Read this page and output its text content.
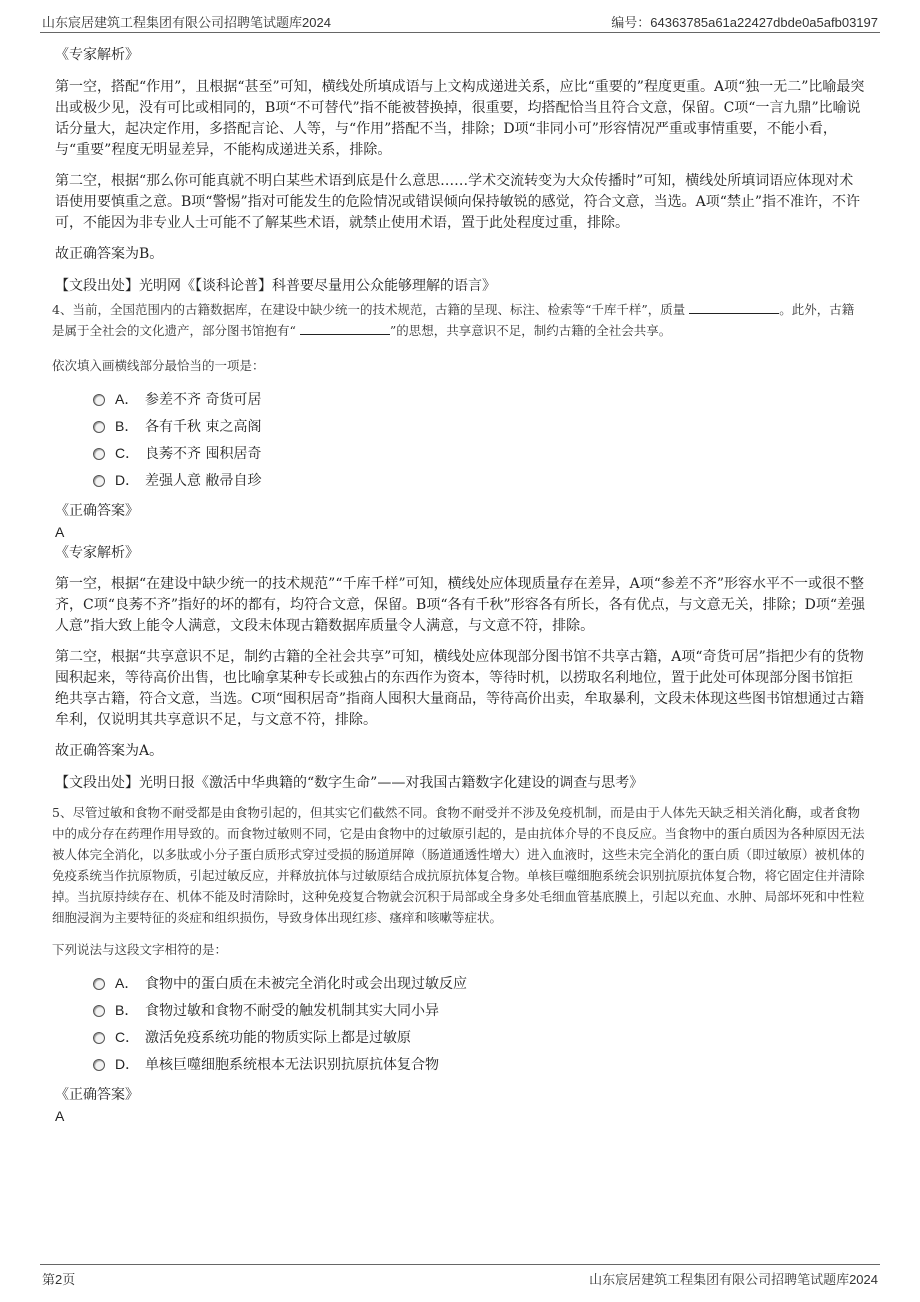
山东宸居建筑工程集团有限公司招聘笔试题库2024	编号：64363785a61a22427dbde0a5afb03197

《专家解析》

第一空，搭配“作用”，且根据“甚至”可知，横线处所填成语与上文构成递进关系，应比“重要的”程度更重。A项“独一无二”比喻最突出或极少见，没有可比或相同的，B项“不可替代”指不能被替换掉，很重要，均搭配恰当且符合文意，保留。C项“一言九鼎”比喻说话分量大，起决定作用，多搭配言论、人等，与“作用”搭配不当，排除；D项“非同小可”形容情况严重或事情重要，不能小看，与“重要”程度无明显差异，不能构成递进关系，排除。

第二空，根据“那么你可能真就不明白某些术语到底是什么意思……学术交流转变为大众传播时”可知，横线处所填词语应体现对术语使用要慎重之意。B项“警惕”指对可能发生的危险情况或错误倾向保持敏锐的感觉，符合文意，当选。A项“禁止”指不准许，不许可，不能因为非专业人士可能不了解某些术语，就禁止使用术语，置于此处程度过重，排除。

故正确答案为B。

【文段出处】光明网《【谈科论普】科普要尽量用公众能够理解的语言》

4、当前，全国范围内的古籍数据库，在建设中缺少统一的技术规范，古籍的呈现、标注、检索等“千库千样”，质量	。此外，古籍是属于全社会的文化遗产，部分图书馆抱有“	”的思想，共享意识不足，制约古籍的全社会共享。

依次填入画横线部分最恰当的一项是：

A． 参差不齐 奇货可居
B． 各有千秋 束之高阁
C． 良莠不齐 囤积居奇
D． 差强人意 敝帚自珍

《正确答案》

A

《专家解析》

第一空，根据“在建设中缺少统一的技术规范”“千库千样”可知，横线处应体现质量存在差异，A项“参差不齐”形容水平不一或很不整齐，C项“良莠不齐”指好的坏的都有，均符合文意，保留。B项“各有千秋”形容各有所长，各有优点，与文意无关，排除；D项“差强人意”指大致上能令人满意，文段未体现古籍数据库质量令人满意，与文意不符，排除。

第二空，根据“共享意识不足，制约古籍的全社会共享”可知，横线处应体现部分图书馆不共享古籍，A项“奇货可居”指把少有的货物囤积起来，等待高价出售，也比喻拿某种专长或独占的东西作为资本，等待时机，以捞取名利地位，置于此处可体现部分图书馆拒绝共享古籍，符合文意，当选。C项“囤积居奇”指商人囤积大量商品，等待高价出卖，牟取暴利，文段未体现这些图书馆想通过古籍牟利，仅说明其共享意识不足，与文意不符，排除。

故正确答案为A。

【文段出处】光明日报《激活中华典籍的“数字生命”——对我国古籍数字化建设的调查与思考》

5、尽管过敏和食物不耐受都是由食物引起的，但其实它们截然不同。食物不耐受并不涉及免疫机制，而是由于人体先天缺乏相关消化酶，或者食物中的成分存在药理作用导致的。而食物过敏则不同，它是由食物中的过敏原引起的，是由抗体介导的不良反应。当食物中的蛋白质因为各种原因无法被人体完全消化，以多肽或小分子蛋白质形式穿过受损的肠道屏障（肠道通透性增大）进入血液时，这些未完全消化的蛋白质（即过敏原）被机体的免疫系统当作抗原物质，引起过敏反应，并释放抗体与过敏原结合成抗原抗体复合物。单核巨噬细胞系统会识别抗原抗体复合物，将它固定住并清除掉。当抗原持续存在、机体不能及时清除时，这种免疫复合物就会沉积于局部或全身多处毛细血管基底膜上，引起以充血、水肿、局部坏死和中性粒细胞浸润为主要特征的炎症和组织损伤，导致身体出现红疹、瘙痒和咳嗽等症状。

下列说法与这段文字相符的是：

A． 食物中的蛋白质在未被完全消化时或会出现过敏反应
B． 食物过敏和食物不耐受的触发机制其实大同小异
C． 激活免疫系统功能的物质实际上都是过敏原
D． 单核巨噬细胞系统根本无法识别抗原抗体复合物

《正确答案》

A

第2页	山东宸居建筑工程集团有限公司招聘笔试题库2024
